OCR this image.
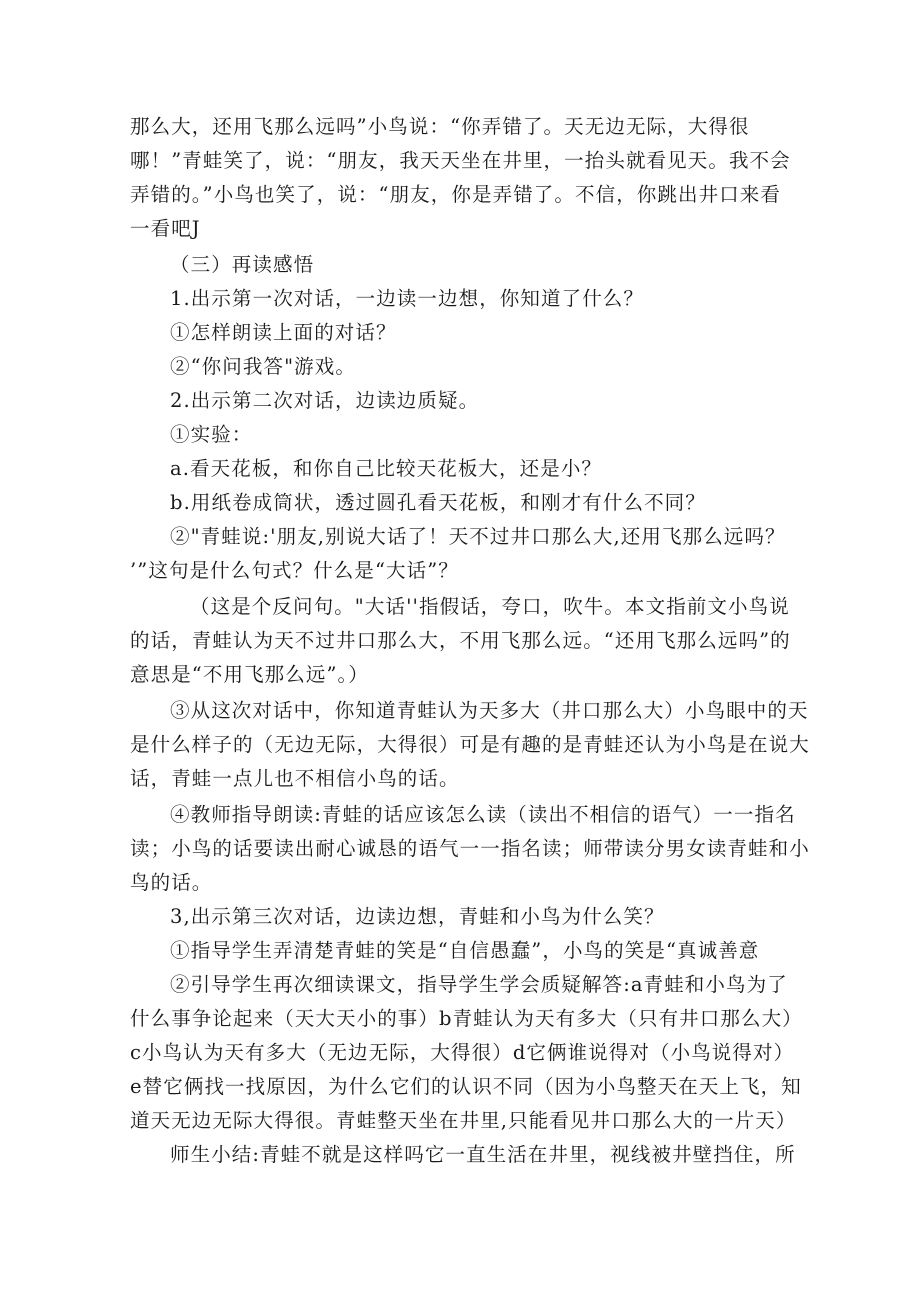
那么大，还用飞那么远吗”小鸟说：“你弄错了。天无边无际，大得很
哪！”青蛙笑了，说：“朋友，我天天坐在井里，一抬头就看见天。我不会
弄错的。”小鸟也笑了，说：“朋友，你是弄错了。不信，你跳出井口来看
一看吧J
（三）再读感悟
1.出示第一次对话，一边读一边想，你知道了什么？
①怎样朗读上面的对话？
②“你问我答"游戏。
2.出示第二次对话，边读边质疑。
①实验：
a.看天花板，和你自己比较天花板大，还是小？
b.用纸卷成筒状，透过圆孔看天花板，和刚才有什么不同？
②"青蛙说:'朋友,别说大话了！天不过井口那么大,还用飞那么远吗？
’”这句是什么句式？什么是“大话”？
（这是个反问句。"大话''指假话，夸口，吹牛。本文指前文小鸟说
的话，青蛙认为天不过井口那么大，不用飞那么远。“还用飞那么远吗”的
意思是“不用飞那么远”。）
③从这次对话中，你知道青蛙认为天多大（井口那么大）小鸟眼中的天
是什么样子的（无边无际，大得很）可是有趣的是青蛙还认为小鸟是在说大
话，青蛙一点儿也不相信小鸟的话。
④教师指导朗读:青蛙的话应该怎么读（读出不相信的语气）一一指名
读；小鸟的话要读出耐心诚恳的语气一一指名读；师带读分男女读青蛙和小
鸟的话。
3,出示第三次对话，边读边想，青蛙和小鸟为什么笑？
①指导学生弄清楚青蛙的笑是“自信愚蠢”，小鸟的笑是“真诚善意
②引导学生再次细读课文，指导学生学会质疑解答:a青蛙和小鸟为了
什么事争论起来（天大天小的事）b青蛙认为天有多大（只有井口那么大）
c小鸟认为天有多大（无边无际，大得很）d它俩谁说得对（小鸟说得对）
e替它俩找一找原因，为什么它们的认识不同（因为小鸟整天在天上飞，知
道天无边无际大得很。青蛙整天坐在井里,只能看见井口那么大的一片天）
师生小结:青蛙不就是这样吗它一直生活在井里，视线被井壁挡住，所
